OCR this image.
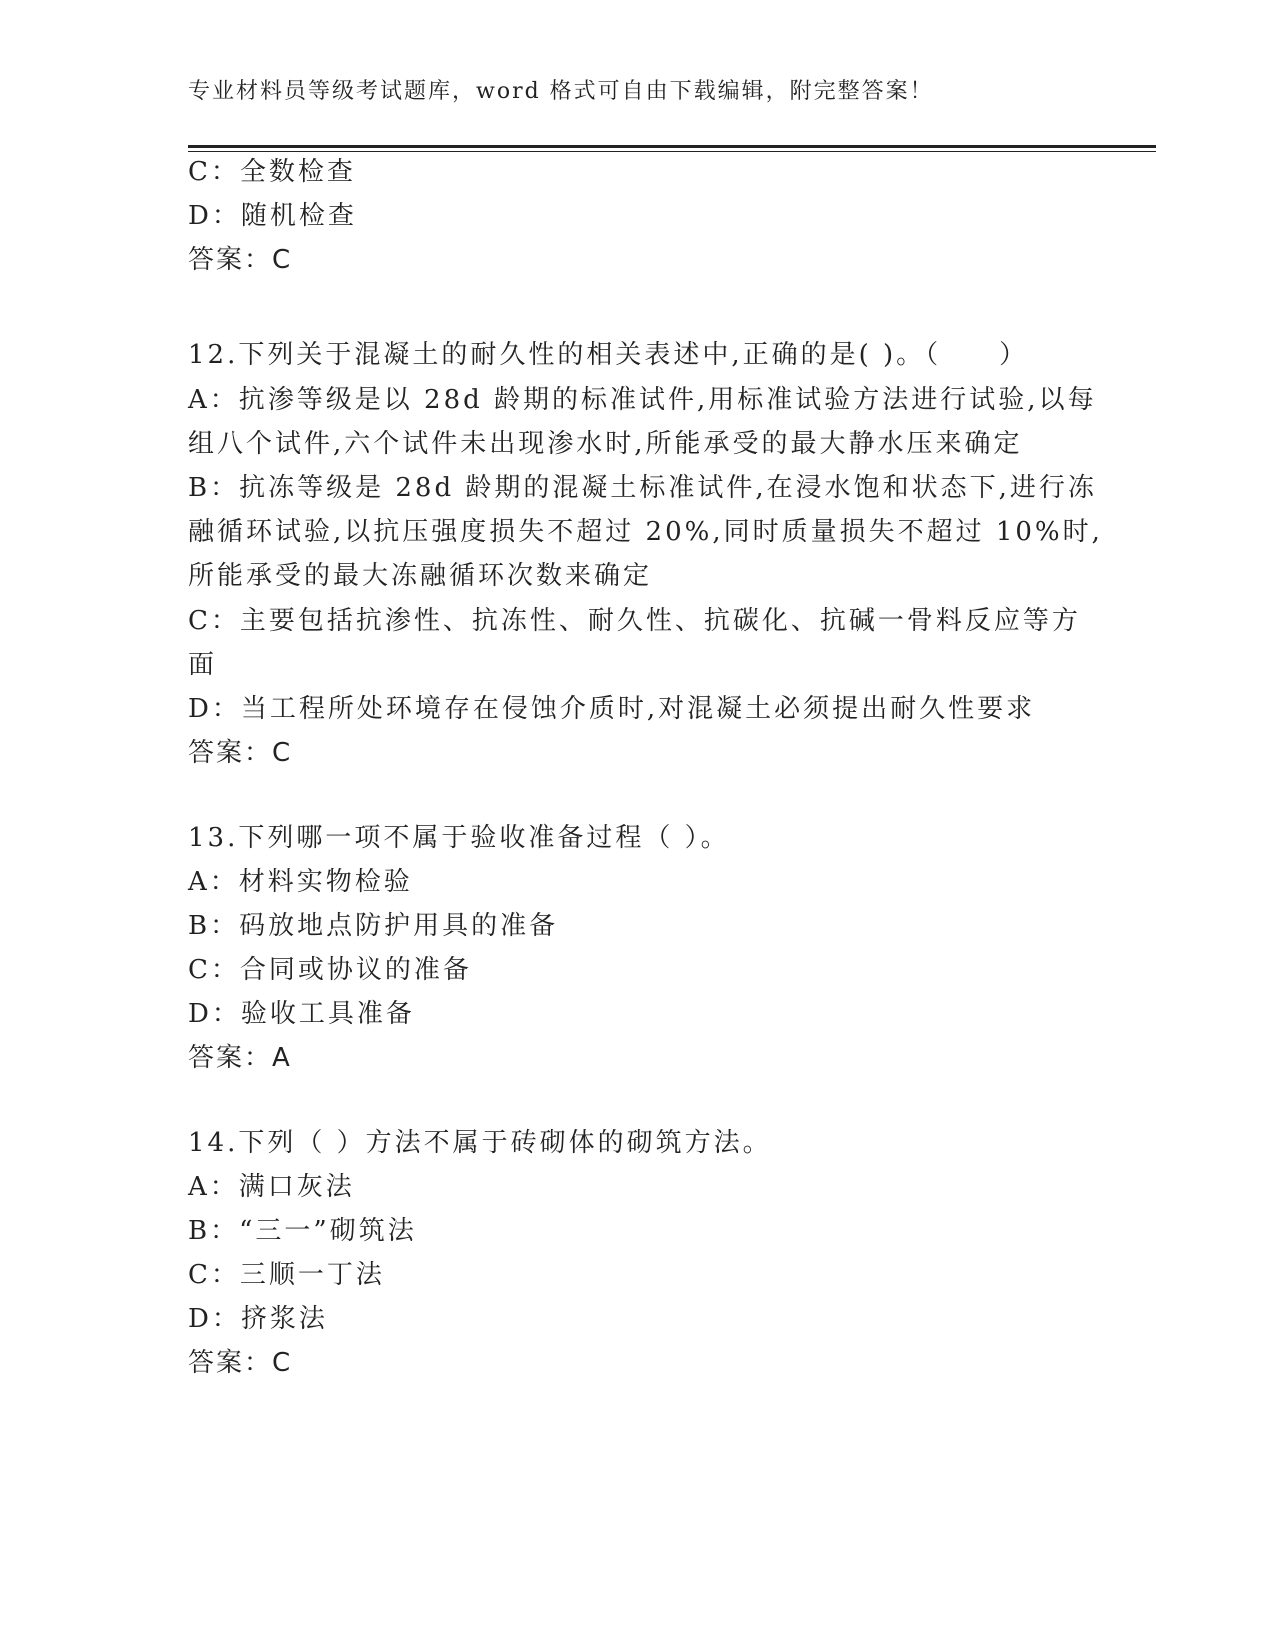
专业材料员等级考试题库，word 格式可自由下载编辑，附完整答案！
C：全数检查
D：随机检查
答案：C
12.下列关于混凝土的耐久性的相关表述中,正确的是( )。（　　）
A：抗渗等级是以 28d 龄期的标准试件,用标准试验方法进行试验,以每
组八个试件,六个试件未出现渗水时,所能承受的最大静水压来确定
B：抗冻等级是 28d 龄期的混凝土标准试件,在浸水饱和状态下,进行冻
融循环试验,以抗压强度损失不超过 20%,同时质量损失不超过 10%时,
所能承受的最大冻融循环次数来确定
C：主要包括抗渗性、抗冻性、耐久性、抗碳化、抗碱一骨料反应等方
面
D：当工程所处环境存在侵蚀介质时,对混凝土必须提出耐久性要求
答案：C
13.下列哪一项不属于验收准备过程（ ）。
A：材料实物检验
B：码放地点防护用具的准备
C：合同或协议的准备
D：验收工具准备
答案：A
14.下列（ ）方法不属于砖砌体的砌筑方法。
A：满口灰法
B：“三一”砌筑法
C：三顺一丁法
D：挤浆法
答案：C
